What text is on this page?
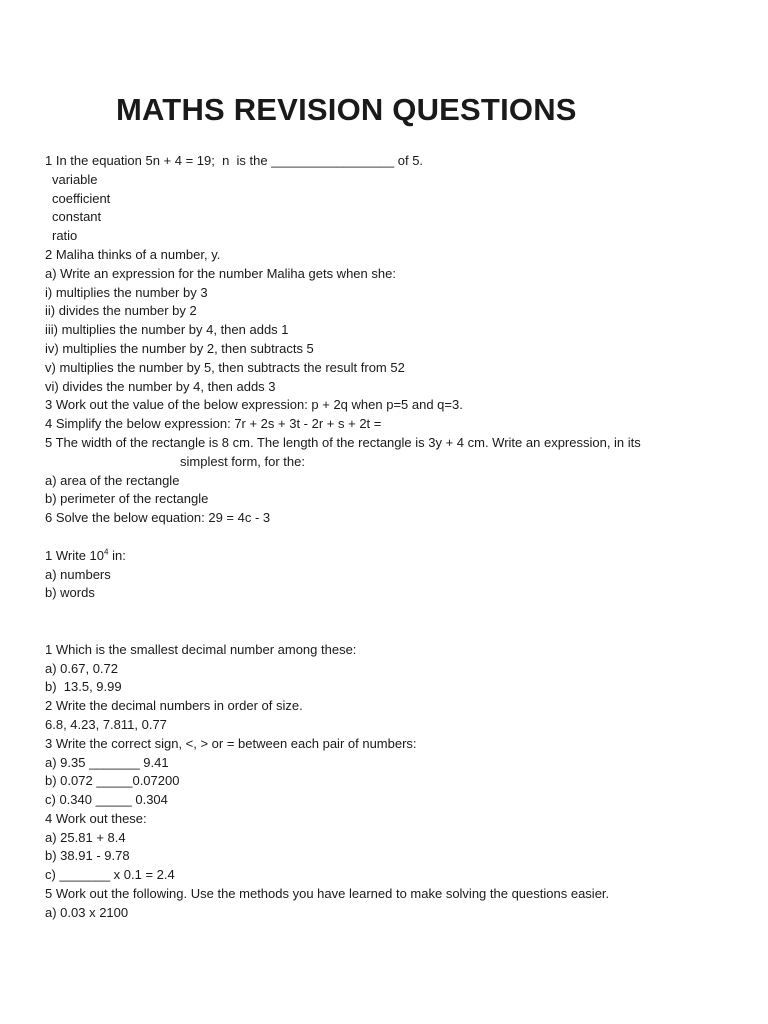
MATHS REVISION QUESTIONS

1 In the equation 5n + 4 = 19;  n  is the _________________ of 5.

variable

coefficient

constant

ratio

2 Maliha thinks of a number, y.

a) Write an expression for the number Maliha gets when she:

i) multiplies the number by 3

ii) divides the number by 2

iii) multiplies the number by 4, then adds 1

iv) multiplies the number by 2, then subtracts 5

v) multiplies the number by 5, then subtracts the result from 52

vi) divides the number by 4, then adds 3

3 Work out the value of the below expression: p + 2q when p=5 and q=3.

4 Simplify the below expression: 7r + 2s + 3t - 2r + s + 2t =

5 The width of the rectangle is 8 cm. The length of the rectangle is 3y + 4 cm. Write an expression, in its

simplest form, for the:

a) area of the rectangle

b) perimeter of the rectangle

6 Solve the below equation: 29 = 4c - 3

1 Write $10^4$ in:

a) numbers

b) words

1 Which is the smallest decimal number among these:

a) 0.67, 0.72

b)  13.5, 9.99

2 Write the decimal numbers in order of size.

6.8, 4.23, 7.811, 0.77

3 Write the correct sign, <, > or = between each pair of numbers:

a) 9.35 _______ 9.41

b) 0.072 _____0.07200

c) 0.340 _____ 0.304

4 Work out these:

a) 25.81 + 8.4

b) 38.91 - 9.78

c) _______ x 0.1 = 2.4

5 Work out the following. Use the methods you have learned to make solving the questions easier.

a) 0.03 x 2100
